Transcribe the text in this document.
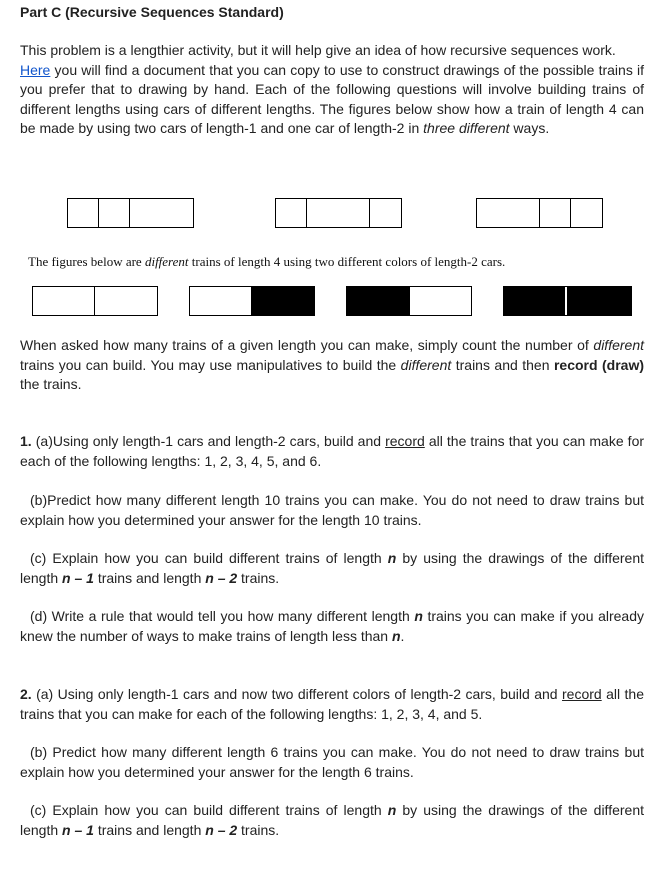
Part C (Recursive Sequences Standard)

This problem is a lengthier activity, but it will help give an idea of how recursive sequences work.
Here you will find a document that you can copy to use to construct drawings of the possible trains if you prefer that to drawing by hand. Each of the following questions will involve building trains of different lengths using cars of different lengths. The figures below show how a train of length 4 can be made by using two cars of length-1 and one car of length-2 in three different ways.

The figures below are different trains of length 4 using two different colors of length-2 cars.

When asked how many trains of a given length you can make, simply count the number of different trains you can build. You may use manipulatives to build the different trains and then record (draw) the trains.

1. (a)Using only length-1 cars and length-2 cars, build and record all the trains that you can make for each of the following lengths: 1, 2, 3, 4, 5, and 6.

(b)Predict how many different length 10 trains you can make. You do not need to draw trains but explain how you determined your answer for the length 10 trains.

(c) Explain how you can build different trains of length n by using the drawings of the different length n – 1 trains and length n – 2 trains.

(d) Write a rule that would tell you how many different length n trains you can make if you already knew the number of ways to make trains of length less than n.

2. (a) Using only length-1 cars and now two different colors of length-2 cars, build and record all the trains that you can make for each of the following lengths: 1, 2, 3, 4, and 5.

(b) Predict how many different length 6 trains you can make. You do not need to draw trains but explain how you determined your answer for the length 6 trains.

(c) Explain how you can build different trains of length n by using the drawings of the different length n – 1 trains and length n – 2 trains.
